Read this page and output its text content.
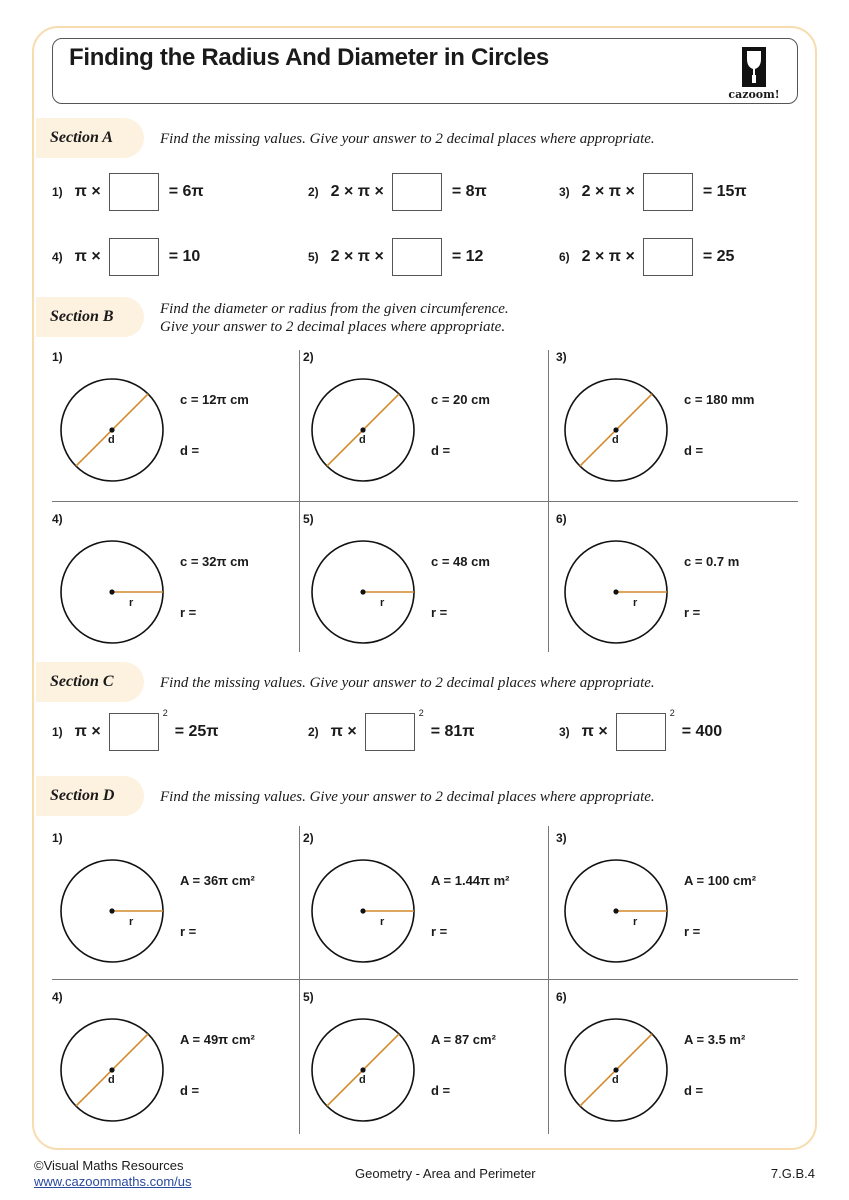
Finding the Radius And Diameter in Circles
cazoom!
Section A	Find the missing values. Give your answer to 2 decimal places where appropriate.
1) π ×	= 6π	2) 2 × π ×	= 8π	3) 2 × π ×	= 15π
4) π ×	= 10	5) 2 × π ×	= 12	6) 2 × π ×	= 25
Section B	Find the diameter or radius from the given circumference.
Give your answer to 2 decimal places where appropriate.
1)
d
c = 12π cm
d =
2)
d
c = 20 cm
d =
3)
d
c = 180 mm
d =
4)
r
c = 32π cm
r =
5)
r
c = 48 cm
r =
6)
r
c = 0.7 m
r =
Section C	Find the missing values. Give your answer to 2 decimal places where appropriate.
1) π ×
2
= 25π	2) π ×
2
= 81π	3) π ×
2
= 400
Section D	Find the missing values. Give your answer to 2 decimal places where appropriate.
1)
r
A = 36π cm²
r =
2)
r
A = 1.44π m²
r =
3)
r
A = 100 cm²
r =
4)
d
A = 49π cm²
d =
5)
d
A = 87 cm²
d =
6)
d
A = 3.5 m²
d =
©Visual Maths Resources
www.cazoommaths.com/us
Geometry - Area and Perimeter	7.G.B.4
